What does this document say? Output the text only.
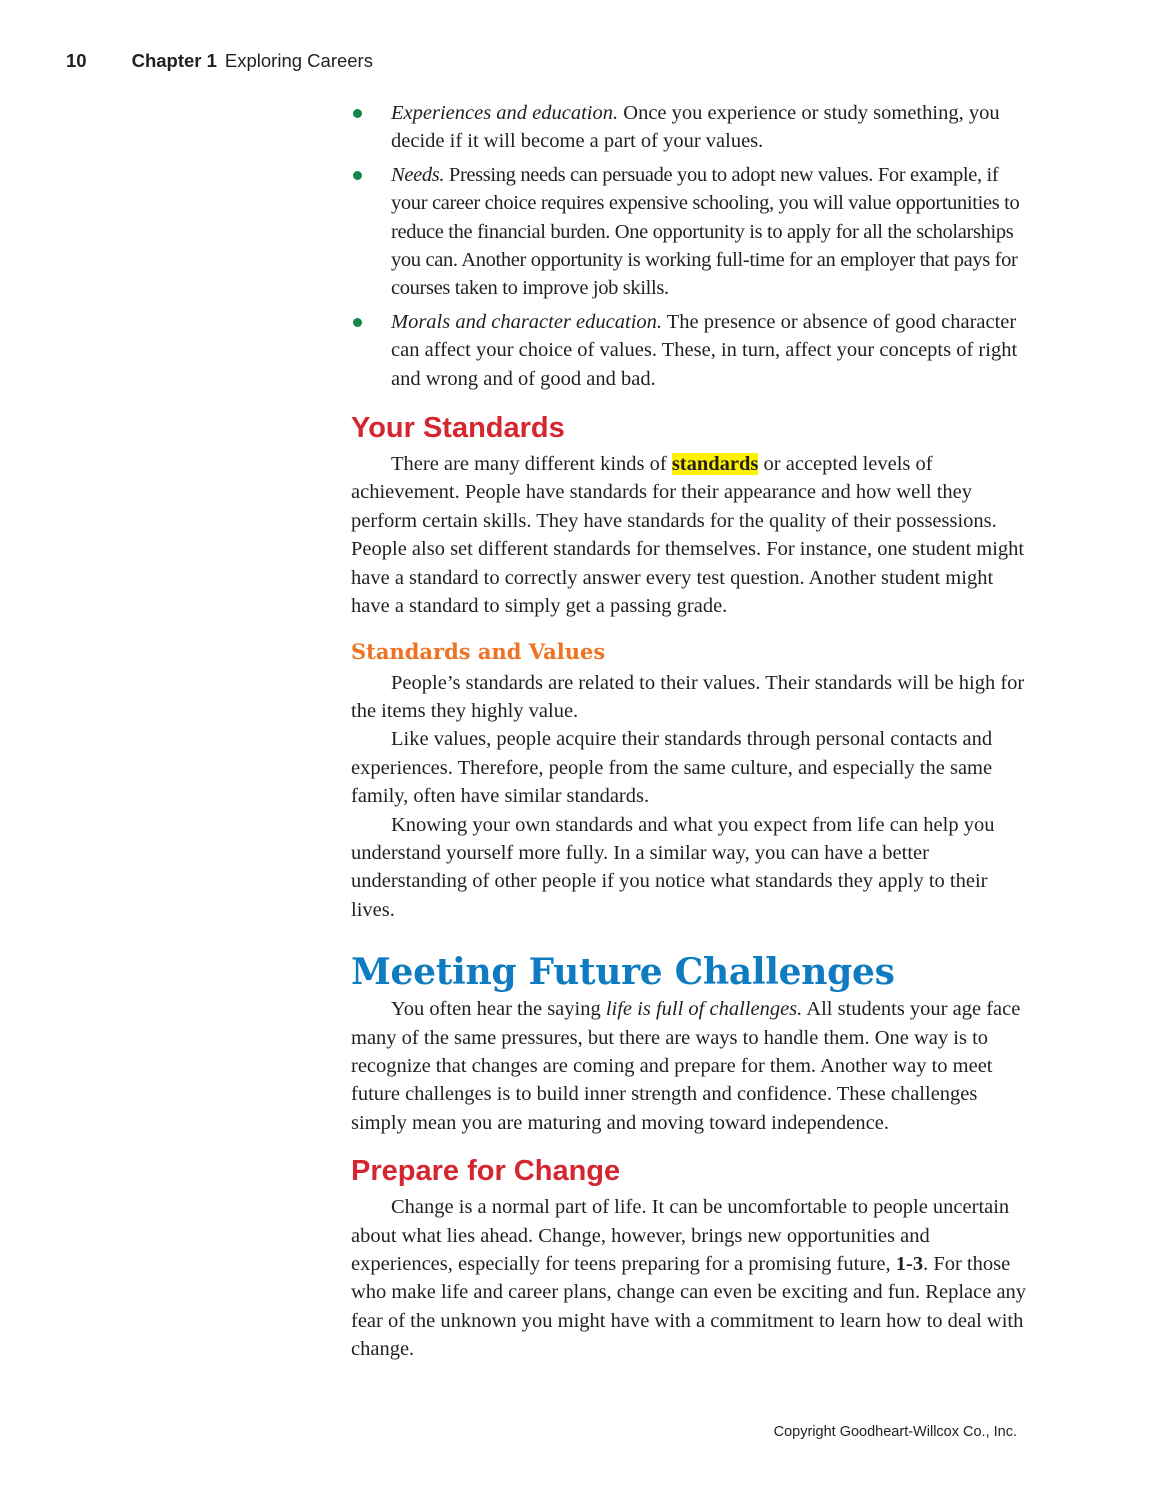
10 Chapter 1 Exploring Careers
Experiences and education. Once you experience or study something, you decide if it will become a part of your values.
Needs. Pressing needs can persuade you to adopt new values. For example, if your career choice requires expensive schooling, you will value opportunities to reduce the financial burden. One opportunity is to apply for all the scholarships you can. Another opportunity is working full-time for an employer that pays for courses taken to improve job skills.
Morals and character education. The presence or absence of good character can affect your choice of values. These, in turn, affect your concepts of right and wrong and of good and bad.
Your Standards

There are many different kinds of standards or accepted levels of achievement. People have standards for their appearance and how well they perform certain skills. They have standards for the quality of their possessions. People also set different standards for themselves. For instance, one student might have a standard to correctly answer every test question. Another student might have a standard to simply get a passing grade.

Standards and Values

People’s standards are related to their values. Their standards will be high for the items they highly value.

Like values, people acquire their standards through personal contacts and experiences. Therefore, people from the same culture, and especially the same family, often have similar standards.

Knowing your own standards and what you expect from life can help you understand yourself more fully. In a similar way, you can have a better understanding of other people if you notice what standards they apply to their lives.

Meeting Future Challenges

You often hear the saying life is full of challenges. All students your age face many of the same pressures, but there are ways to handle them. One way is to recognize that changes are coming and prepare for them. Another way to meet future challenges is to build inner strength and confidence. These challenges simply mean you are maturing and moving toward independence.

Prepare for Change

Change is a normal part of life. It can be uncomfortable to people uncertain about what lies ahead. Change, however, brings new opportunities and experiences, especially for teens preparing for a promising future, 1-3. For those who make life and career plans, change can even be exciting and fun. Replace any fear of the unknown you might have with a commitment to learn how to deal with change.

Copyright Goodheart-Willcox Co., Inc.
